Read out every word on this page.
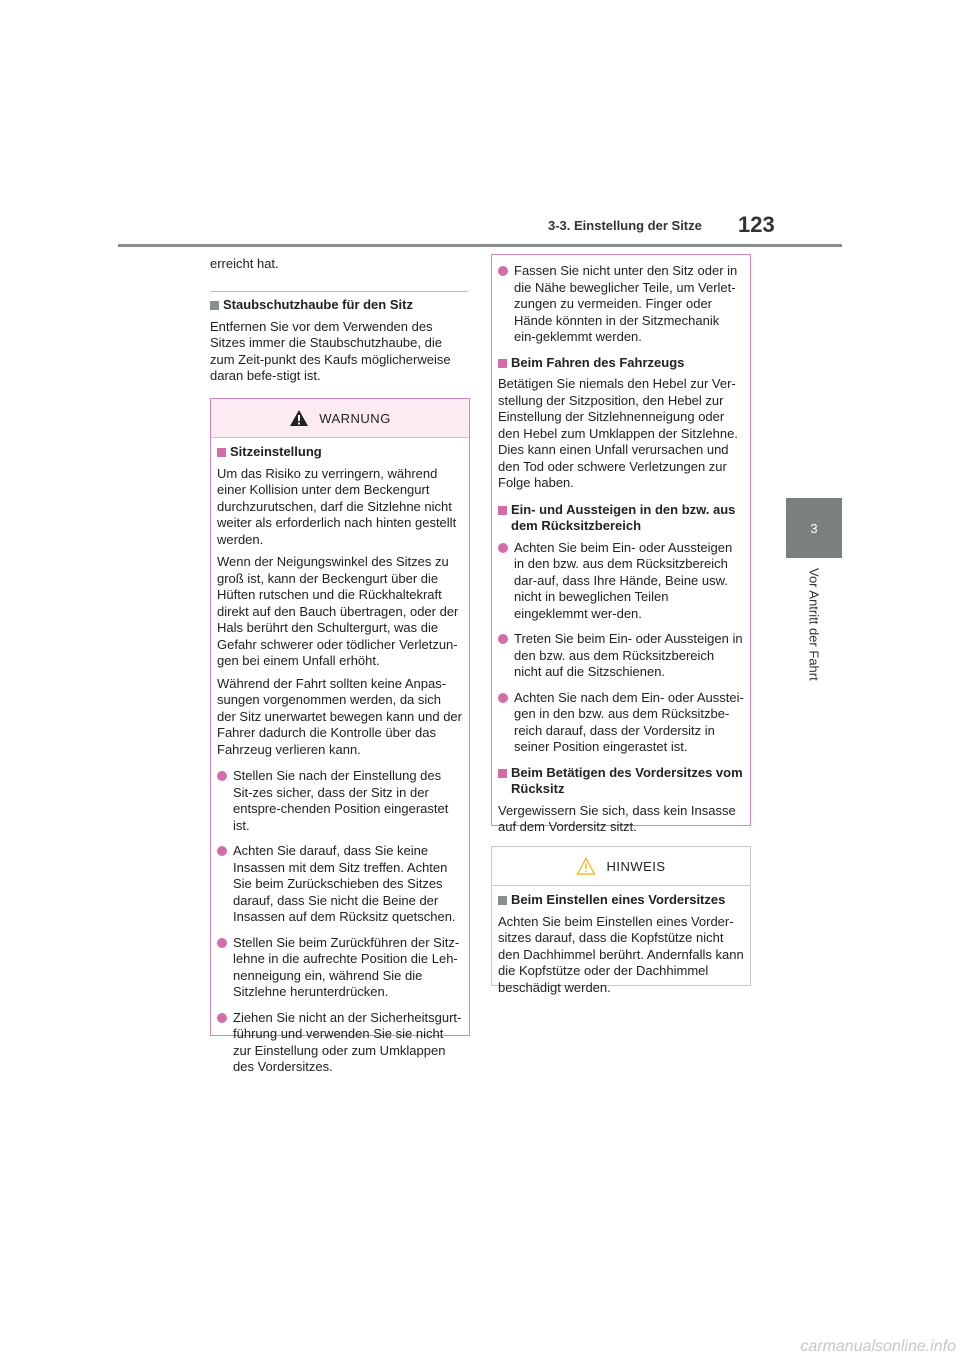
3-3. Einstellung der Sitze 123
3
Vor Antritt der Fahrt

erreicht hat.

Staubschutzhaube für den Sitz

Entfernen Sie vor dem Verwenden des Sitzes immer die Staubschutzhaube, die zum Zeit-punkt des Kaufs möglicherweise daran befe-stigt ist.

WARNUNG
Sitzeinstellung

Um das Risiko zu verringern, während einer Kollision unter dem Beckengurt durchzurutschen, darf die Sitzlehne nicht weiter als erforderlich nach hinten gestellt werden.

Wenn der Neigungswinkel des Sitzes zu groß ist, kann der Beckengurt über die Hüften rutschen und die Rückhaltekraft direkt auf den Bauch übertragen, oder der Hals berührt den Schultergurt, was die Gefahr schwerer oder tödlicher Verletzun-gen bei einem Unfall erhöht.

Während der Fahrt sollten keine Anpas-sungen vorgenommen werden, da sich der Sitz unerwartet bewegen kann und der Fahrer dadurch die Kontrolle über das Fahrzeug verlieren kann.

Stellen Sie nach der Einstellung des Sit-zes sicher, dass der Sitz in der entspre-chenden Position eingerastet ist.
Achten Sie darauf, dass Sie keine Insassen mit dem Sitz treffen. Achten Sie beim Zurückschieben des Sitzes darauf, dass Sie nicht die Beine der Insassen auf dem Rücksitz quetschen.
Stellen Sie beim Zurückführen der Sitz-lehne in die aufrechte Position die Leh-nenneigung ein, während Sie die Sitzlehne herunterdrücken.
Ziehen Sie nicht an der Sicherheitsgurt-führung und verwenden Sie sie nicht zur Einstellung oder zum Umklappen des Vordersitzes.
Fassen Sie nicht unter den Sitz oder in die Nähe beweglicher Teile, um Verlet-zungen zu vermeiden. Finger oder Hände könnten in der Sitzmechanik ein-geklemmt werden.
Beim Fahren des Fahrzeugs

Betätigen Sie niemals den Hebel zur Ver-stellung der Sitzposition, den Hebel zur Einstellung der Sitzlehnenneigung oder den Hebel zum Umklappen der Sitzlehne. Dies kann einen Unfall verursachen und den Tod oder schwere Verletzungen zur Folge haben.

Ein- und Aussteigen in den bzw. aus dem Rücksitzbereich
Achten Sie beim Ein- oder Aussteigen in den bzw. aus dem Rücksitzbereich dar-auf, dass Ihre Hände, Beine usw. nicht in beweglichen Teilen eingeklemmt wer-den.
Treten Sie beim Ein- oder Aussteigen in den bzw. aus dem Rücksitzbereich nicht auf die Sitzschienen.
Achten Sie nach dem Ein- oder Ausstei-gen in den bzw. aus dem Rücksitzbe-reich darauf, dass der Vordersitz in seiner Position eingerastet ist.
Beim Betätigen des Vordersitzes vom Rücksitz

Vergewissern Sie sich, dass kein Insasse auf dem Vordersitz sitzt.

HINWEIS
Beim Einstellen eines Vordersitzes

Achten Sie beim Einstellen eines Vorder-sitzes darauf, dass die Kopfstütze nicht den Dachhimmel berührt. Andernfalls kann die Kopfstütze oder der Dachhimmel beschädigt werden.

carmanualsonline.info
